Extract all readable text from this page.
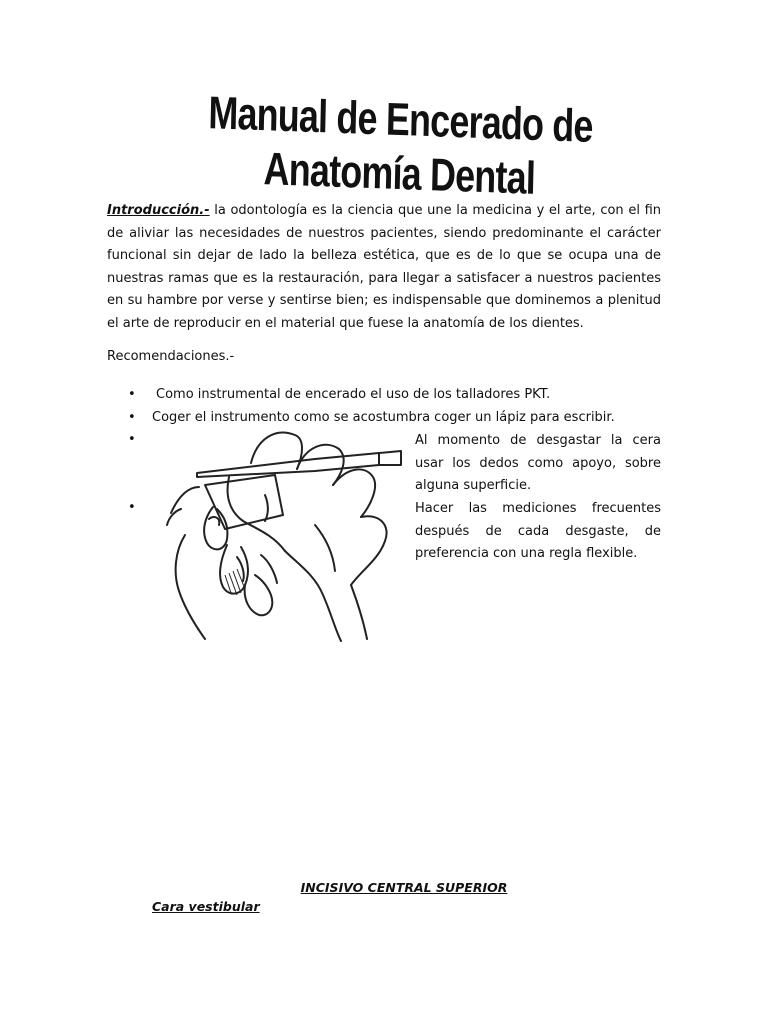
Manual de Encerado de Anatomía Dental
Introducción.- la odontología es la ciencia que une la medicina y el arte, con el fin de aliviar las necesidades de nuestros pacientes, siendo predominante el carácter funcional sin dejar de lado la belleza estética, que es de lo que se ocupa una de nuestras ramas que es la restauración, para llegar a satisfacer a nuestros pacientes en su hambre por verse y sentirse bien; es indispensable que dominemos a plenitud el arte de reproducir en el material que fuese la anatomía de los dientes.
Recomendaciones.-
• Como instrumental de encerado el uso de los talladores PKT.
• Coger el instrumento como se acostumbra coger un lápiz para escribir.
•	Al momento de desgastar la cera usar los dedos como apoyo, sobre alguna superficie.
•	Hacer las mediciones frecuentes después de cada desgaste, de preferencia con una regla flexible.
INCISIVO CENTRAL SUPERIOR
Cara vestibular
